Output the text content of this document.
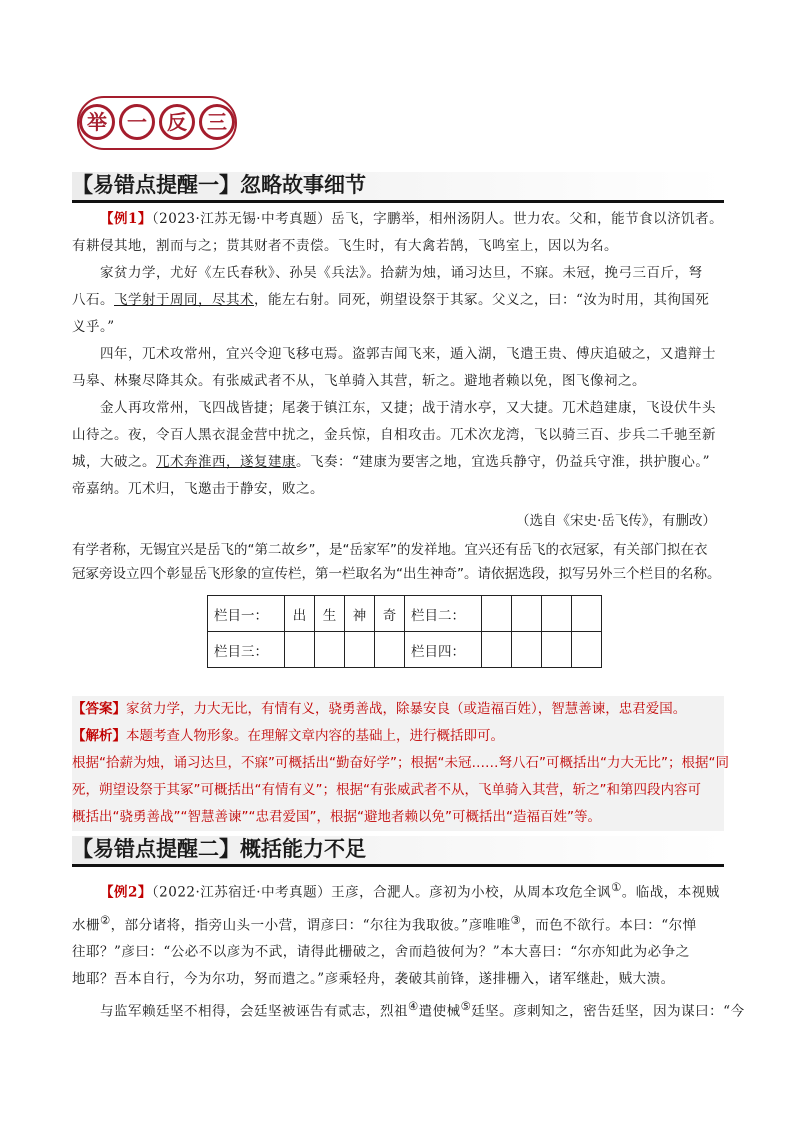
举	一	反	三
【易错点提醒一】忽略故事细节

【例1】（2023·江苏无锡·中考真题）岳飞，字鹏举，相州汤阴人。世力农。父和，能节食以济饥者。

有耕侵其地，割而与之；贳其财者不责偿。飞生时，有大禽若鹄，飞鸣室上，因以为名。

家贫力学，尤好《左氏春秋》、孙吴《兵法》。拾薪为烛，诵习达旦，不寐。未冠，挽弓三百斤，弩

八石。飞学射于周同，尽其术，能左右射。同死，朔望设祭于其冢。父义之，曰：“汝为时用，其徇国死

义乎。”

四年，兀术攻常州，宜兴令迎飞移屯焉。盗郭吉闻飞来，遁入湖，飞遣王贵、傅庆追破之，又遣辩士

马皋、林聚尽降其众。有张威武者不从，飞单骑入其营，斩之。避地者赖以免，图飞像祠之。

金人再攻常州，飞四战皆捷；尾袭于镇江东，又捷；战于清水亭，又大捷。兀术趋建康，飞设伏牛头

山待之。夜，令百人黑衣混金营中扰之，金兵惊，自相攻击。兀术次龙湾，飞以骑三百、步兵二千驰至新

城，大破之。兀术奔淮西，遂复建康。飞奏：“建康为要害之地，宜选兵静守，仍益兵守淮，拱护腹心。”

帝嘉纳。兀术归，飞邀击于静安，败之。

（选自《宋史·岳飞传》，有删改）

有学者称，无锡宜兴是岳飞的“第二故乡”，是“岳家军”的发祥地。宜兴还有岳飞的衣冠冢，有关部门拟在衣

冠冢旁设立四个彰显岳飞形象的宣传栏，第一栏取名为“出生神奇”。请依据选段，拟写另外三个栏目的名称。

栏目一：	出	生	神	奇	栏目二：				
栏目三：					栏目四：				

【答案】家贫力学，力大无比，有情有义，骁勇善战，除暴安良（或造福百姓），智慧善谏，忠君爱国。

【解析】本题考查人物形象。在理解文章内容的基础上，进行概括即可。

根据“拾薪为烛，诵习达旦，不寐”可概括出“勤奋好学”；根据“未冠……弩八石”可概括出“力大无比”；根据“同

死，朔望设祭于其冢”可概括出“有情有义”；根据“有张威武者不从，飞单骑入其营，斩之”和第四段内容可

概括出“骁勇善战”“智慧善谏”“忠君爱国”，根据“避地者赖以免”可概括出“造福百姓”等。

【易错点提醒二】概括能力不足

【例2】（2022·江苏宿迁·中考真题）王彦，合淝人。彦初为小校，从周本攻危全讽①。临战，本视贼

水栅②，部分诸将，指旁山头一小营，谓彦曰：“尔往为我取彼。”彦唯唯③，而色不欲行。本曰：“尔惮

往耶？”彦曰：“公必不以彦为不武，请得此栅破之，舍而趋彼何为？”本大喜曰：“尔亦知此为必争之

地耶？吾本自行，今为尔功，努而遣之。”彦乘轻舟，袭破其前锋，遂排栅入，诸军继赴，贼大溃。

与监军赖廷坚不相得，会廷坚被诬告有贰志，烈祖④遣使械⑤廷坚。彦刺知之，密告廷坚，因为谋曰：“今
